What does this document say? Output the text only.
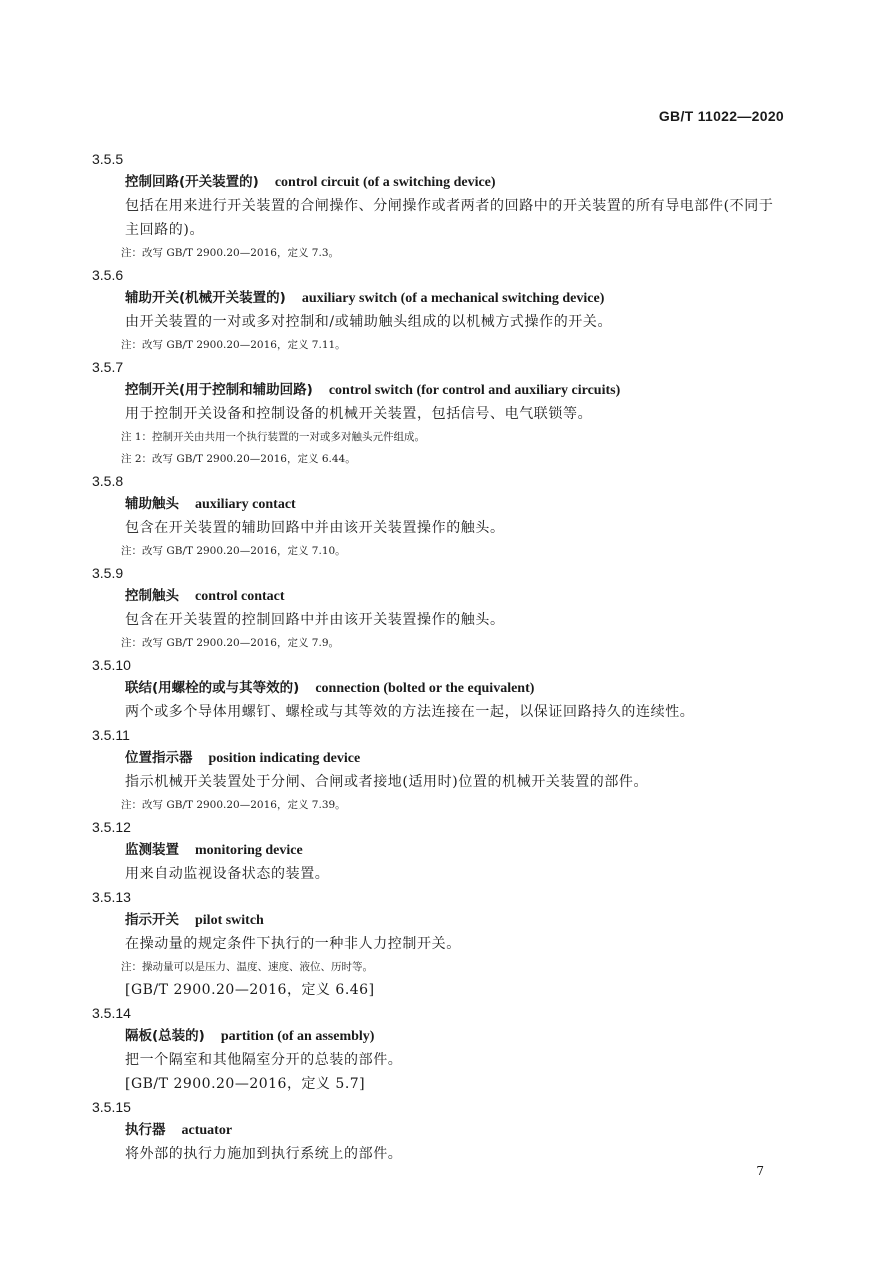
GB/T 11022—2020
3.5.5
控制回路(开关装置的) control circuit (of a switching device)
包括在用来进行开关装置的合闸操作、分闸操作或者两者的回路中的开关装置的所有导电部件(不同于主回路的)。
注：改写 GB/T 2900.20—2016，定义 7.3。
3.5.6
辅助开关(机械开关装置的) auxiliary switch (of a mechanical switching device)
由开关装置的一对或多对控制和/或辅助触头组成的以机械方式操作的开关。
注：改写 GB/T 2900.20—2016，定义 7.11。
3.5.7
控制开关(用于控制和辅助回路) control switch (for control and auxiliary circuits)
用于控制开关设备和控制设备的机械开关装置，包括信号、电气联锁等。
注 1：控制开关由共用一个执行装置的一对或多对触头元件组成。
注 2：改写 GB/T 2900.20—2016，定义 6.44。
3.5.8
辅助触头 auxiliary contact
包含在开关装置的辅助回路中并由该开关装置操作的触头。
注：改写 GB/T 2900.20—2016，定义 7.10。
3.5.9
控制触头 control contact
包含在开关装置的控制回路中并由该开关装置操作的触头。
注：改写 GB/T 2900.20—2016，定义 7.9。
3.5.10
联结(用螺栓的或与其等效的) connection (bolted or the equivalent)
两个或多个导体用螺钉、螺栓或与其等效的方法连接在一起，以保证回路持久的连续性。
3.5.11
位置指示器 position indicating device
指示机械开关装置处于分闸、合闸或者接地(适用时)位置的机械开关装置的部件。
注：改写 GB/T 2900.20—2016，定义 7.39。
3.5.12
监测装置 monitoring device
用来自动监视设备状态的装置。
3.5.13
指示开关 pilot switch
在操动量的规定条件下执行的一种非人力控制开关。
注：操动量可以是压力、温度、速度、液位、历时等。
[GB/T 2900.20—2016，定义 6.46]
3.5.14
隔板(总装的) partition (of an assembly)
把一个隔室和其他隔室分开的总装的部件。
[GB/T 2900.20—2016，定义 5.7]
3.5.15
执行器 actuator
将外部的执行力施加到执行系统上的部件。
7
